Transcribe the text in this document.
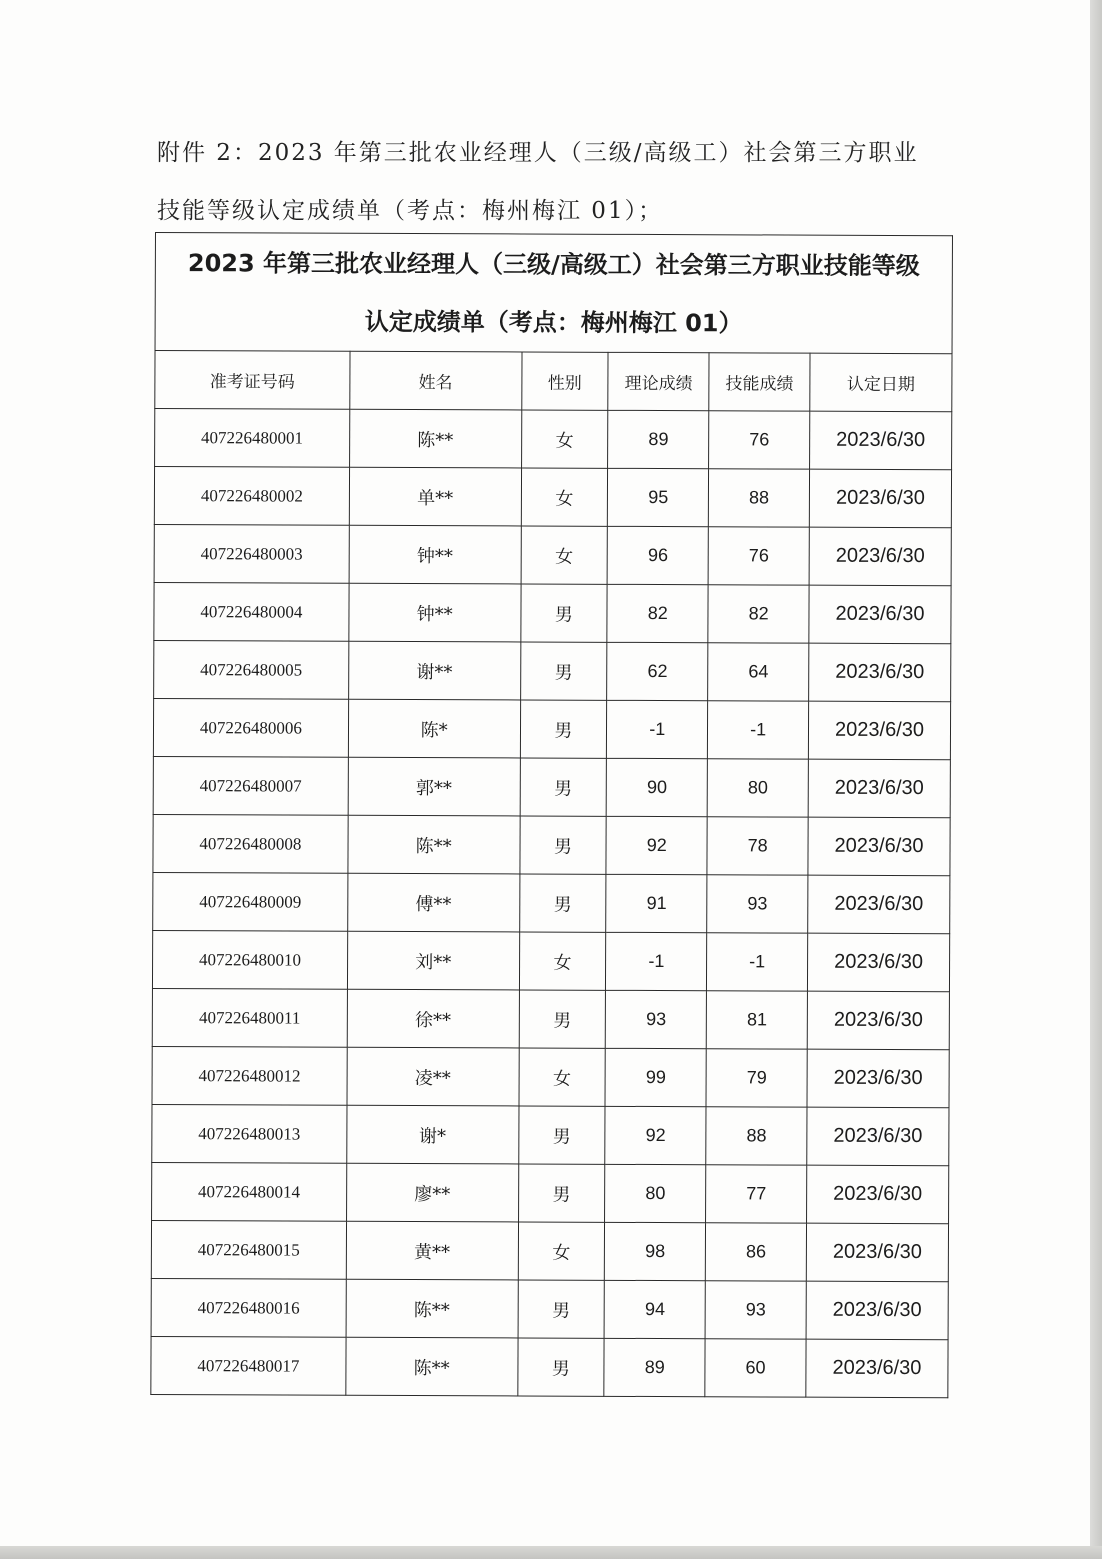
附件 2：2023 年第三批农业经理人（三级/高级工）社会第三方职业
技能等级认定成绩单（考点：梅州梅江 01）；
2023 年第三批农业经理人（三级/高级工）社会第三方职业技能等级
认定成绩单（考点：梅州梅江 01）					

准考证号码	姓名	性别	理论成绩	技能成绩	认定日期
407226480001	陈**	女	89	76	2023/6/30
407226480002	单**	女	95	88	2023/6/30
407226480003	钟**	女	96	76	2023/6/30
407226480004	钟**	男	82	82	2023/6/30
407226480005	谢**	男	62	64	2023/6/30
407226480006	陈*	男	-1	-1	2023/6/30
407226480007	郭**	男	90	80	2023/6/30
407226480008	陈**	男	92	78	2023/6/30
407226480009	傅**	男	91	93	2023/6/30
407226480010	刘**	女	-1	-1	2023/6/30
407226480011	徐**	男	93	81	2023/6/30
407226480012	凌**	女	99	79	2023/6/30
407226480013	谢*	男	92	88	2023/6/30
407226480014	廖**	男	80	77	2023/6/30
407226480015	黄**	女	98	86	2023/6/30
407226480016	陈**	男	94	93	2023/6/30
407226480017	陈**	男	89	60	2023/6/30
